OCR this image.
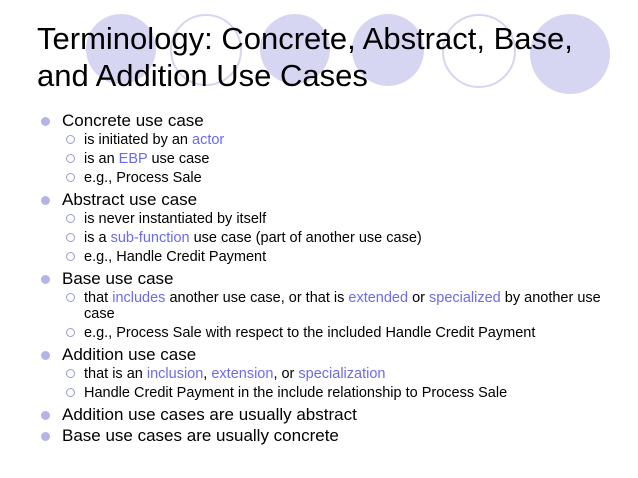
Terminology: Concrete, Abstract, Base,
and Addition Use Cases
Concrete use case
is initiated by an actor
is an EBP use case
e.g., Process Sale
Abstract use case
is never instantiated by itself
is a sub-function use case (part of another use case)
e.g., Handle Credit Payment
Base use case
that includes another use case, or that is extended or specialized by another use case
e.g., Process Sale with respect to the included Handle Credit Payment
Addition use case
that is an inclusion, extension, or specialization
Handle Credit Payment in the include relationship to Process Sale
Addition use cases are usually abstract
Base use cases are usually concrete
